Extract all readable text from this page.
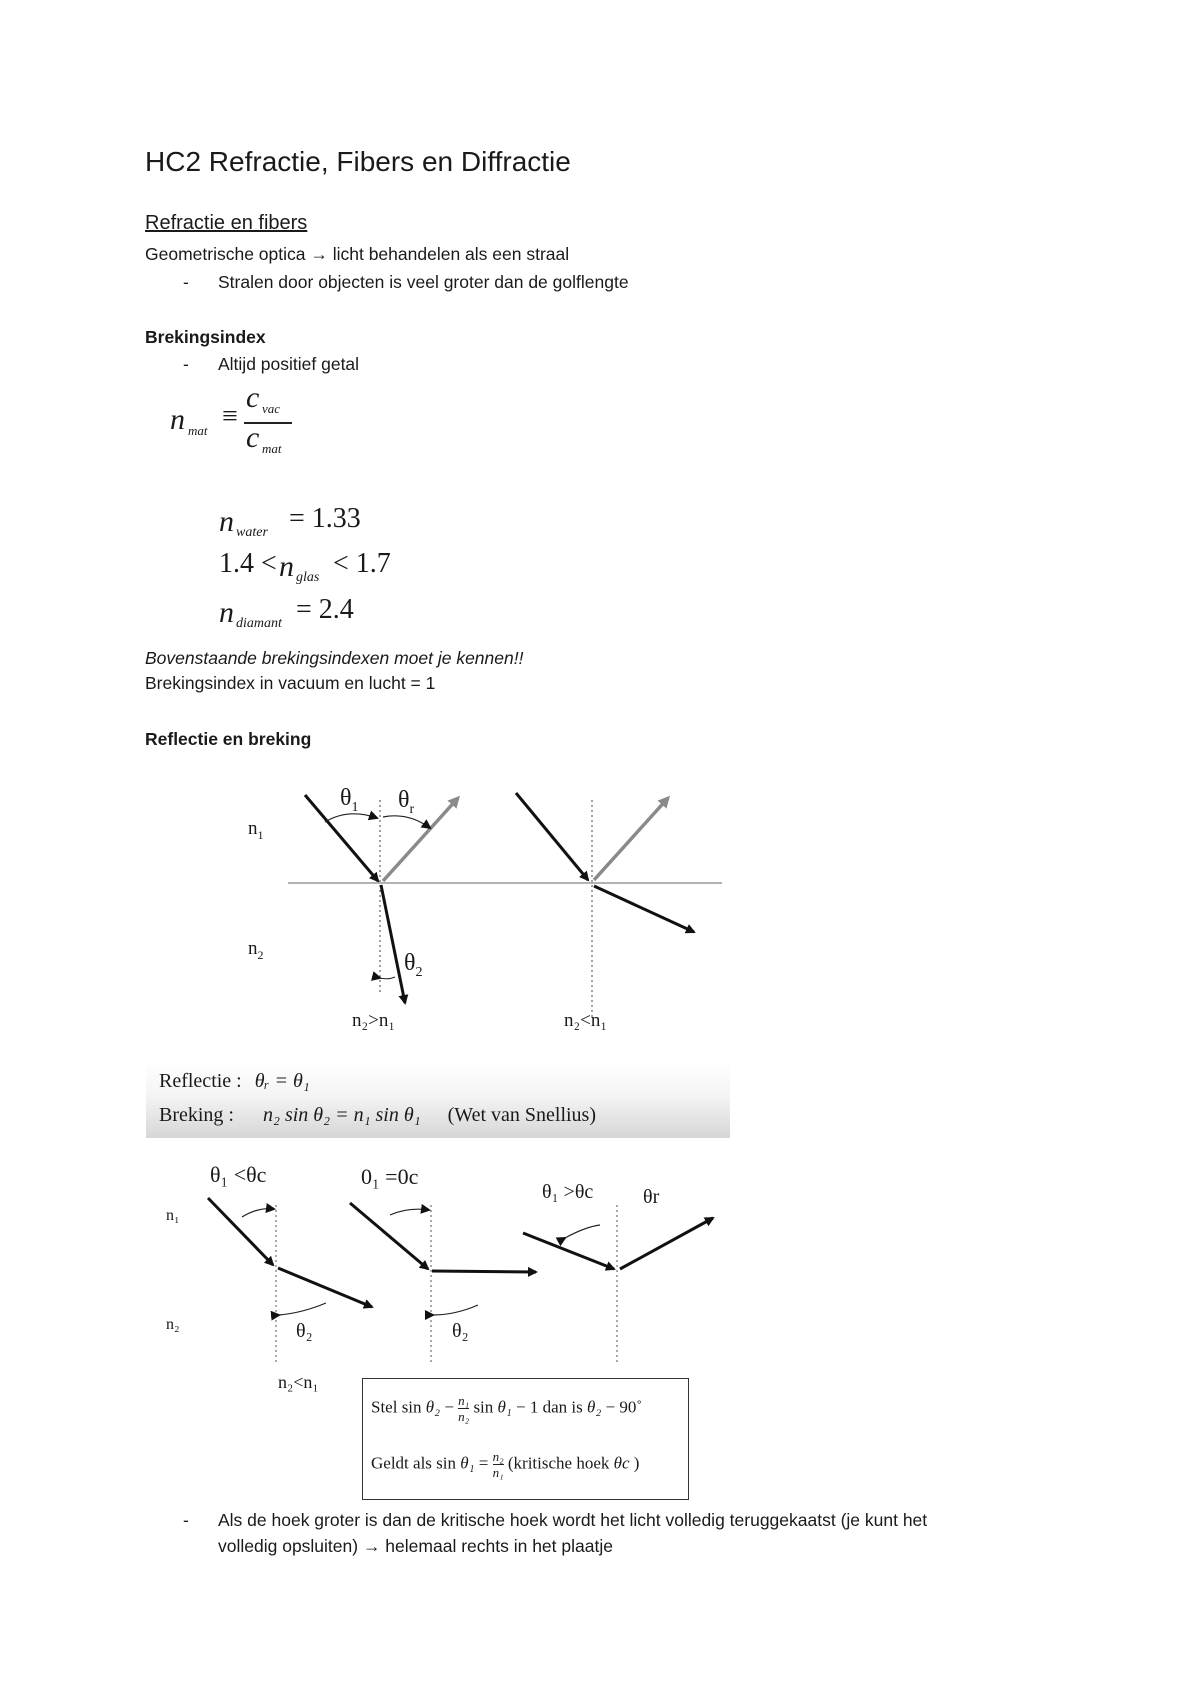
HC2 Refractie, Fibers en Diffractie
Refractie en fibers
Geometrische optica → licht behandelen als een straal
- Stralen door objecten is veel groter dan de golflengte
Brekingsindex
- Altijd positief getal
n mat ≡
c vac
c mat
n water = 1.33
1.4 < n glas < 1.7
n diamant = 2.4
Bovenstaande brekingsindexen moet je kennen!!
Brekingsindex in vacuum en lucht = 1
Reflectie en breking
$n_1$
$n_2$
$\theta_1$ $\theta_r$
$\theta_2$
n₂>n₁	n₂<n₁
Reflectie : θᵣ = θ₁
Breking : n₂ sin θ₂ = n₁ sin θ₁ (Wet van Snellius)
θ₁ <θc	0₁ =0c
θ₁ >θc θr
n₁
n₂	θ₂	θ₂
n₂<n₁
Stel $\sin \theta_2 - \frac{\text{n₁}}{\text{n₂}}$ sin θ₁ − 1 dan is θ₂ − 90˚
Geldt als $\sin \theta_1 = \frac{\text{n₂}}{\text{n₁}}$ (kritische hoek θc )
- Als de hoek groter is dan de kritische hoek wordt het licht volledig teruggekaatst (je kunt het
volledig opsluiten) → helemaal rechts in het plaatje
